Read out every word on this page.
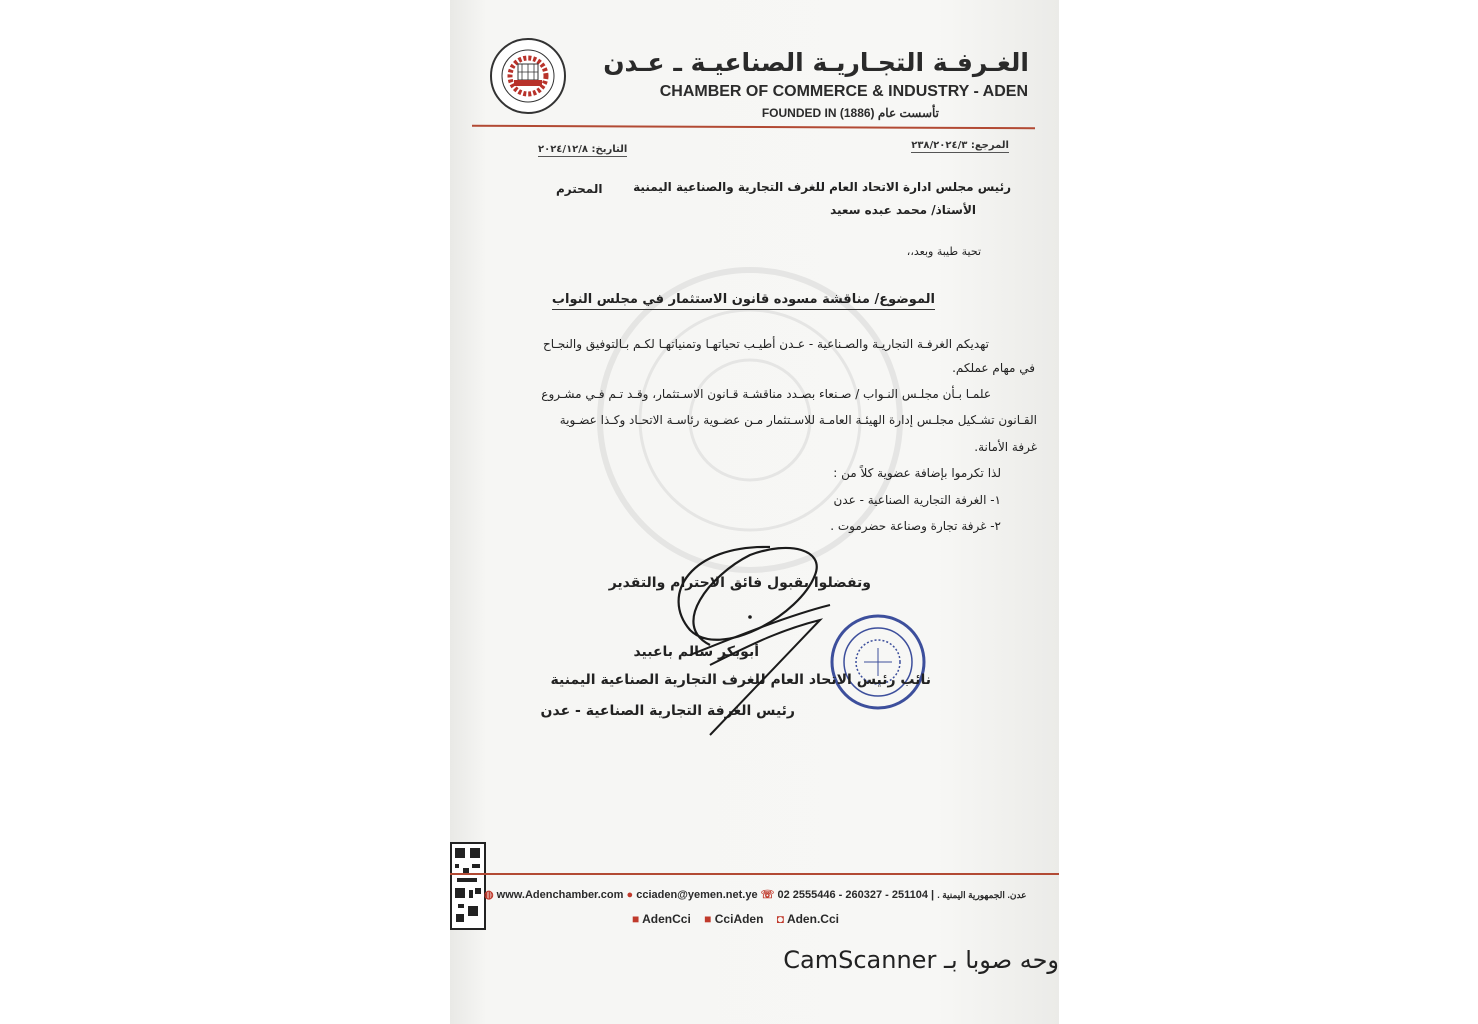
الغـرفـة التجـاريـة الصناعيـة ـ عـدن
CHAMBER OF COMMERCE & INDUSTRY - ADEN
FOUNDED IN (1886) تأسست عام
المرجع: ٢٣٨/٢٠٢٤/٣
التاريخ: ٢٠٢٤/١٢/٨
رئيس مجلس ادارة الاتحاد العام للغرف التجارية والصناعية اليمنية
المحترم
الأستاذ/ محمد عبده سعيد
تحية طيبة وبعد،،
الموضوع/ مناقشة مسوده قانون الاستثمار في مجلس النواب
تهديكم الغرفـة التجاريـة والصـناعية - عـدن أطيـب تحياتهـا وتمنياتهـا لكـم بـالتوفيق والنجـاح
في مهام عملكم.
علمـا بـأن مجلـس النـواب / صـنعاء بصـدد مناقشـة قـانون الاسـتثمار، وقـد تـم فـي مشـروع
القـانون تشـكيل مجلـس إدارة الهيئـة العامـة للاسـتثمار مـن عضـوية رئاسـة الاتحـاد وكـذا عضـوية
غرفة الأمانة.
لذا تكرموا بإضافة عضوية كلاً من :
١- الغرفة التجارية الصناعية - عدن
٢- غرفة تجارة وصناعة حضرموت .
وتفضلوا بقبول فائق الاحترام والتقدير
أبوبكر سالم باعبيد
نائب رئيس الاتحاد العام للغرف التجارية الصناعية اليمنية
رئيس الغرفة التجارية الصناعية - عدن
◍ www.Adenchamber.com ● cciaden@yemen.net.ye ☏ 02 2555446 - 260327 - 251104 | عدن. الجمهورية اليمنية .
■ AdenCci ■ CciAden ◘ Aden.Cci
وحه صوبا بـ CamScanner
